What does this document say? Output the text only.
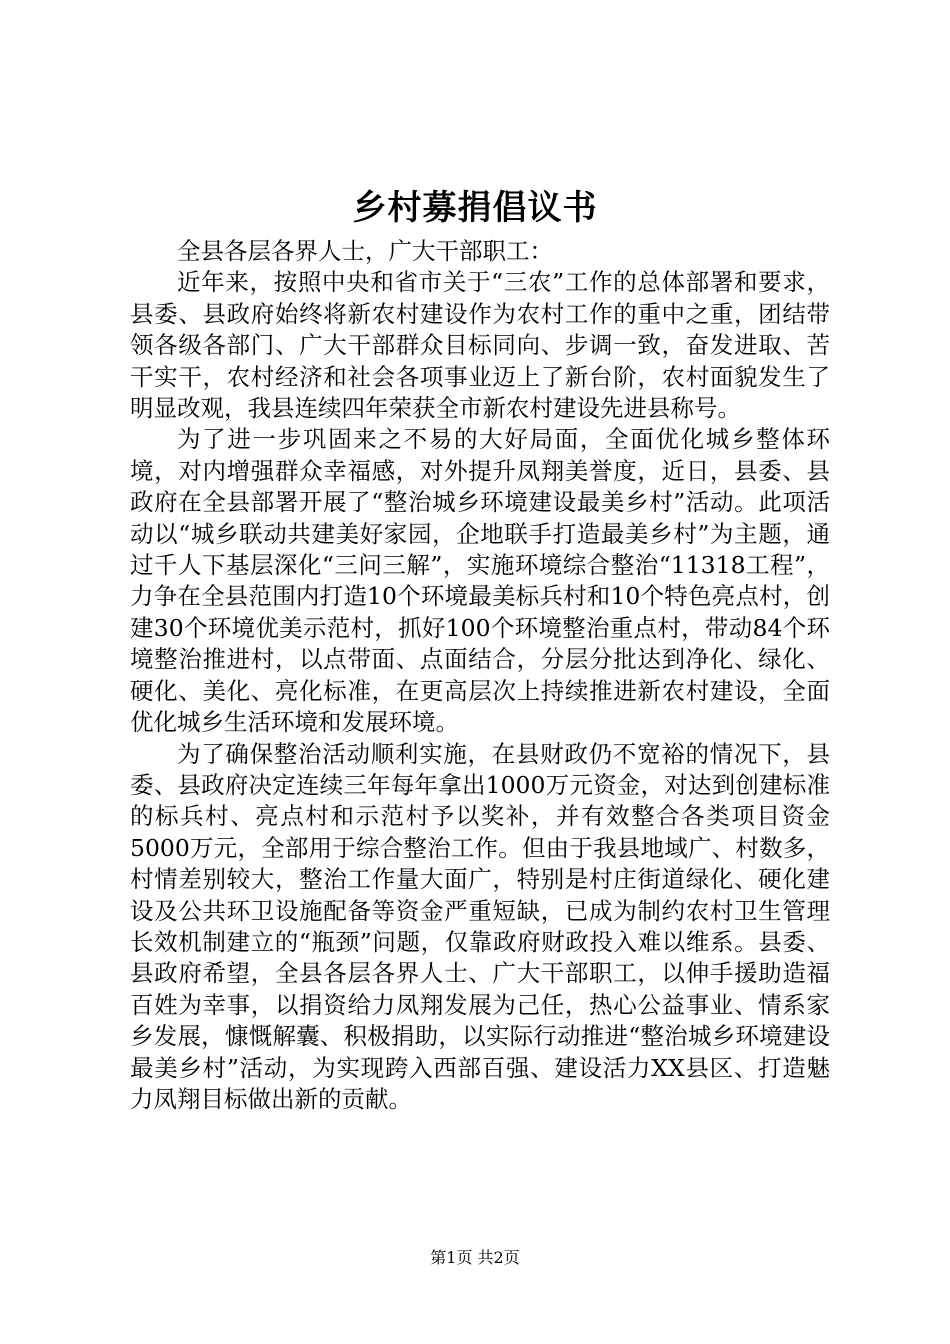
乡村募捐倡议书

全县各层各界人士，广大干部职工：

近年来，按照中央和省市关于“三农”工作的总体部署和要求，县委、县政府始终将新农村建设作为农村工作的重中之重，团结带领各级各部门、广大干部群众目标同向、步调一致，奋发进取、苦干实干，农村经济和社会各项事业迈上了新台阶，农村面貌发生了明显改观，我县连续四年荣获全市新农村建设先进县称号。

为了进一步巩固来之不易的大好局面，全面优化城乡整体环境，对内增强群众幸福感，对外提升凤翔美誉度，近日，县委、县政府在全县部署开展了“整治城乡环境建设最美乡村”活动。此项活动以“城乡联动共建美好家园，企地联手打造最美乡村”为主题，通过千人下基层深化“三问三解”，实施环境综合整治“11318工程”，力争在全县范围内打造10个环境最美标兵村和10个特色亮点村，创建30个环境优美示范村，抓好100个环境整治重点村，带动84个环境整治推进村，以点带面、点面结合，分层分批达到净化、绿化、硬化、美化、亮化标准，在更高层次上持续推进新农村建设，全面优化城乡生活环境和发展环境。

为了确保整治活动顺利实施，在县财政仍不宽裕的情况下，县委、县政府决定连续三年每年拿出1000万元资金，对达到创建标准的标兵村、亮点村和示范村予以奖补，并有效整合各类项目资金5000万元，全部用于综合整治工作。但由于我县地域广、村数多，村情差别较大，整治工作量大面广，特别是村庄街道绿化、硬化建设及公共环卫设施配备等资金严重短缺，已成为制约农村卫生管理长效机制建立的“瓶颈”问题，仅靠政府财政投入难以维系。县委、县政府希望，全县各层各界人士、广大干部职工，以伸手援助造福百姓为幸事，以捐资给力凤翔发展为己任，热心公益事业、情系家乡发展，慷慨解囊、积极捐助，以实际行动推进“整治城乡环境建设最美乡村”活动，为实现跨入西部百强、建设活力XX县区、打造魅力凤翔目标做出新的贡献。

第1页 共2页
